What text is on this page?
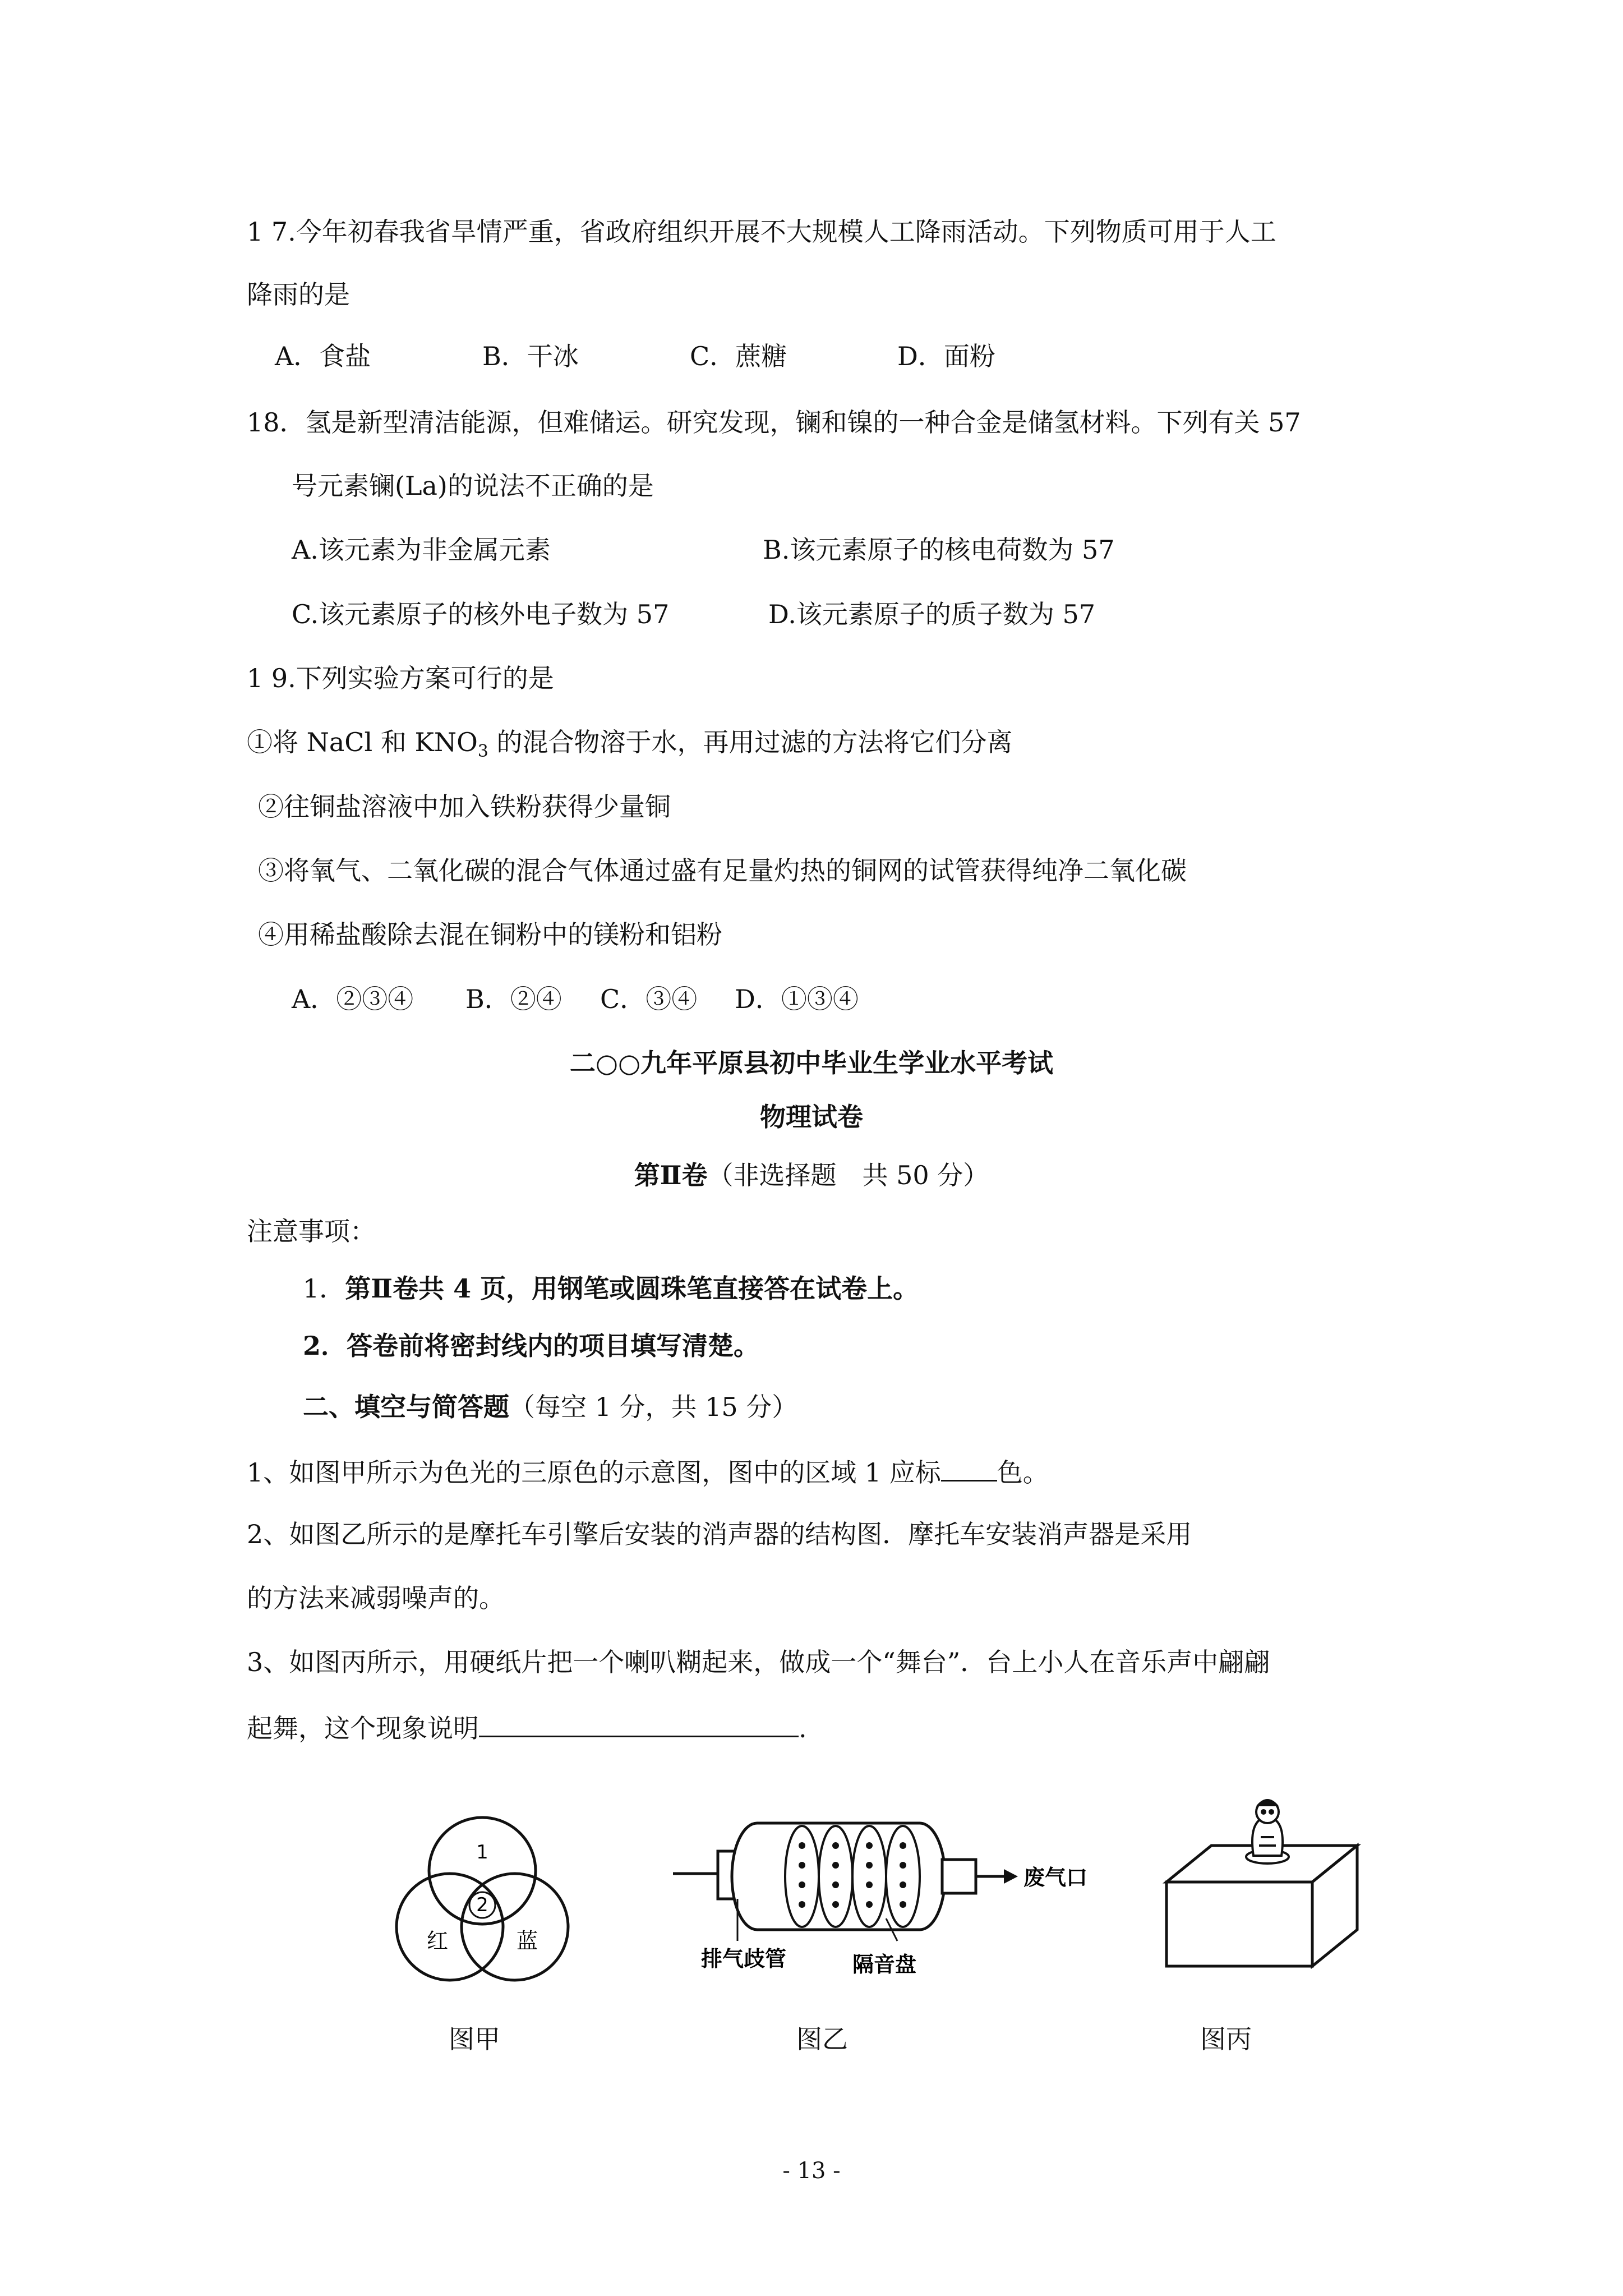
1 7.今年初春我省旱情严重，省政府组织开展不大规模人工降雨活动。下列物质可用于人工
降雨的是
A．食盐	B．干冰	C．蔗糖	D．面粉
18．氢是新型清洁能源，但难储运。研究发现，镧和镍的一种合金是储氢材料。下列有关 57
号元素镧(La)的说法不正确的是
A.该元素为非金属元素	B.该元素原子的核电荷数为 57
C.该元素原子的核外电子数为 57	D.该元素原子的质子数为 57
1 9.下列实验方案可行的是
①将 NaCl 和 $KNO_3$ 的混合物溶于水，再用过滤的方法将它们分离
②往铜盐溶液中加入铁粉获得少量铜
③将氧气、二氧化碳的混合气体通过盛有足量灼热的铜网的试管获得纯净二氧化碳
④用稀盐酸除去混在铜粉中的镁粉和铝粉
A．②③④ B．②④ C．③④ D．①③④
二○○九年平原县初中毕业生学业水平考试
物理试卷
第Ⅱ卷（非选择题　共 50 分）
注意事项：
1．第Ⅱ卷共 4 页，用钢笔或圆珠笔直接答在试卷上。
2．答卷前将密封线内的项目填写清楚。
二、填空与简答题（每空 1 分，共 15 分）
1、如图甲所示为色光的三原色的示意图，图中的区域 1 应标 色。
2、如图乙所示的是摩托车引擎后安装的消声器的结构图．摩托车安装消声器是采用
的方法来减弱噪声的。
3、如图丙所示，用硬纸片把一个喇叭糊起来，做成一个“舞台”．台上小人在音乐声中翩翩
起舞，这个现象说明	.
1
2
红	蓝
废气口
排气歧管	隔音盘
图甲	图乙	图丙
- 13 -
